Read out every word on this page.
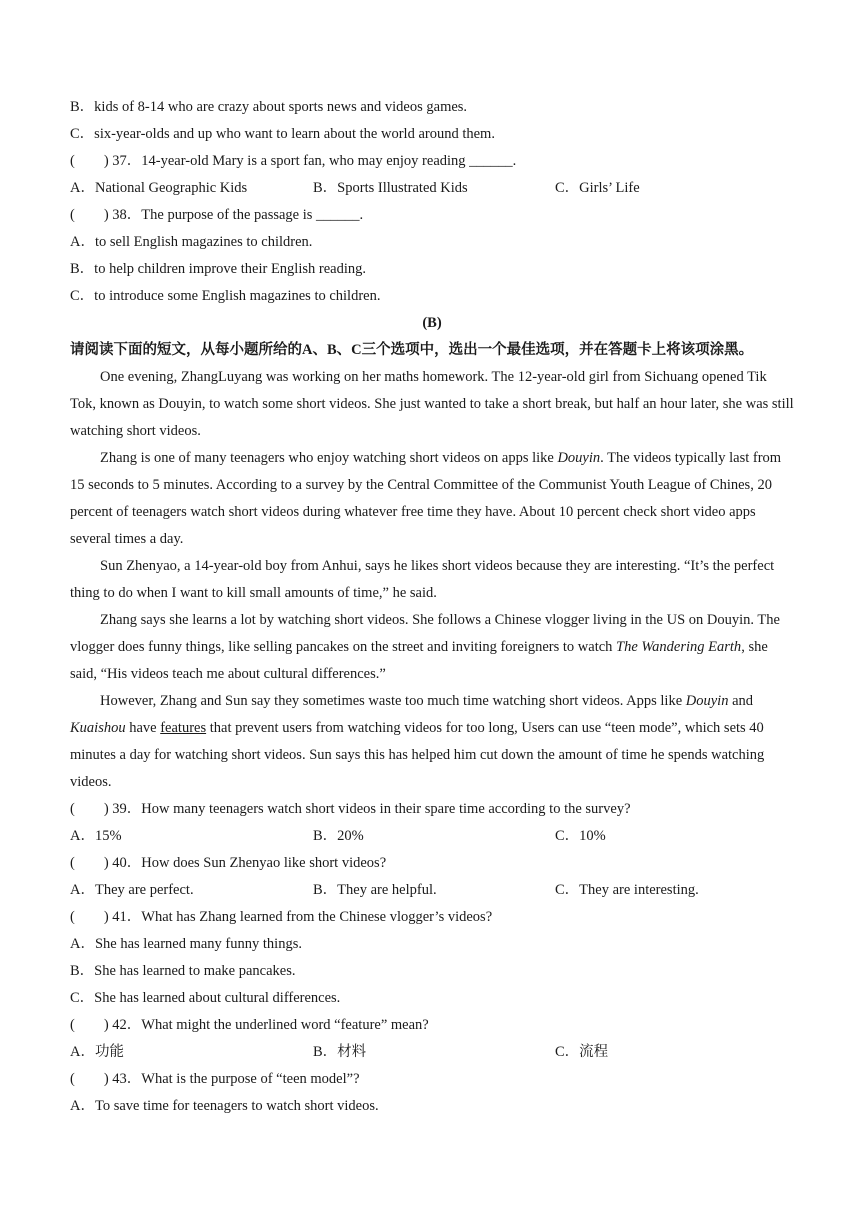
B．kids of 8-14 who are crazy about sports news and videos games.
C．six-year-olds and up who want to learn about the world around them.
(　　) 37．14-year-old Mary is a sport fan, who may enjoy reading ______.
A．National Geographic Kids	B．Sports Illustrated Kids	C．Girls’ Life
(　　) 38．The purpose of the passage is ______.
A．to sell English magazines to children.
B．to help children improve their English reading.
C．to introduce some English magazines to children.
(B)
请阅读下面的短文，从每小题所给的A、B、C三个选项中，选出一个最佳选项，并在答题卡上将该项涂黑。
One evening, ZhangLuyang was working on her maths homework. The 12-year-old girl from Sichuang opened Tik Tok, known as Douyin, to watch some short videos. She just wanted to take a short break, but half an hour later, she was still watching short videos.
Zhang is one of many teenagers who enjoy watching short videos on apps like Douyin. The videos typically last from 15 seconds to 5 minutes. According to a survey by the Central Committee of the Communist Youth League of Chines, 20 percent of teenagers watch short videos during whatever free time they have. About 10 percent check short video apps several times a day.
Sun Zhenyao, a 14-year-old boy from Anhui, says he likes short videos because they are interesting. “It’s the perfect thing to do when I want to kill small amounts of time,” he said.
Zhang says she learns a lot by watching short videos. She follows a Chinese vlogger living in the US on Douyin. The vlogger does funny things, like selling pancakes on the street and inviting foreigners to watch The Wandering Earth, she said, “His videos teach me about cultural differences.”
However, Zhang and Sun say they sometimes waste too much time watching short videos. Apps like Douyin and Kuaishou have features that prevent users from watching videos for too long, Users can use “teen mode”, which sets 40 minutes a day for watching short videos. Sun says this has helped him cut down the amount of time he spends watching videos.
(　　) 39．How many teenagers watch short videos in their spare time according to the survey?
A．15%	B．20%	C．10%
(　　) 40．How does Sun Zhenyao like short videos?
A．They are perfect.	B．They are helpful.	C．They are interesting.
(　　) 41．What has Zhang learned from the Chinese vlogger’s videos?
A．She has learned many funny things.
B．She has learned to make pancakes.
C．She has learned about cultural differences.
(　　) 42．What might the underlined word “feature” mean?
A．功能	B．材料	C．流程
(　　) 43．What is the purpose of “teen model”?
A．To save time for teenagers to watch short videos.
